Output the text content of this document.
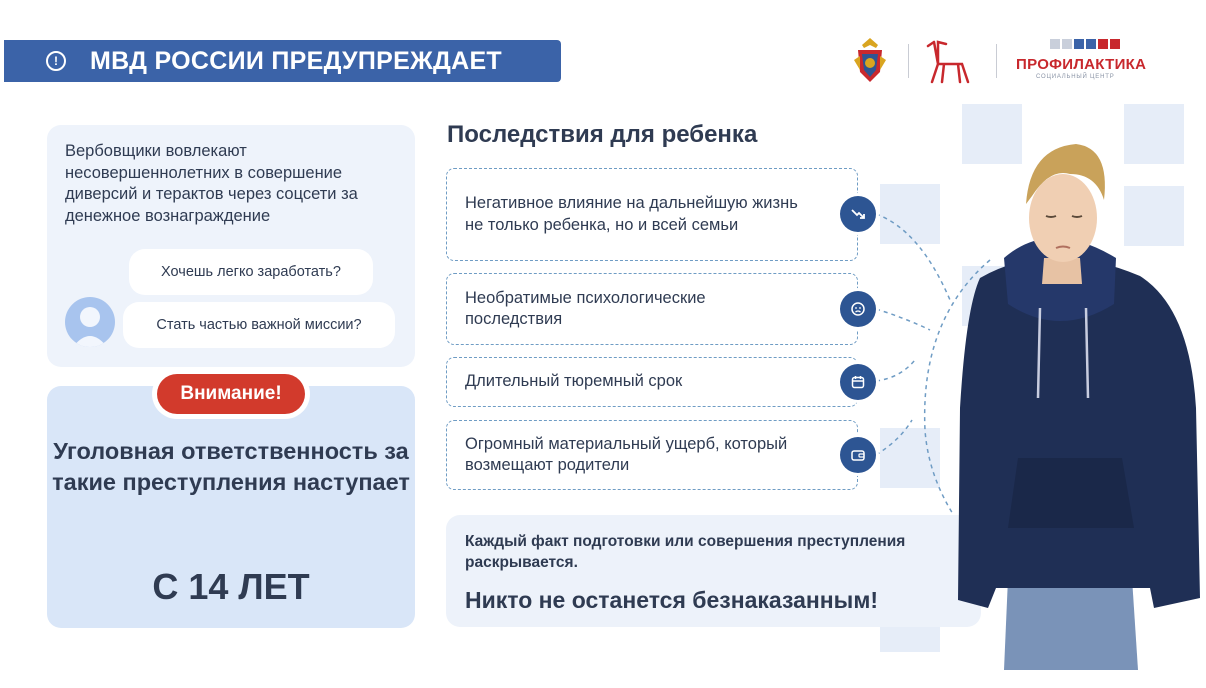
!	МВД РОССИИ ПРЕДУПРЕЖДАЕТ	ПРОФИЛАКТИКА
СОЦИАЛЬНЫЙ ЦЕНТР
Вербовщики вовлекают несовершеннолетних в совершение диверсий и терактов через соцсети за денежное вознаграждение
Хочешь легко заработать?
Стать частью важной миссии?
Внимание!
Уголовная ответственность за такие преступления наступает
С 14 ЛЕТ
Последствия для ребенка
Негативное влияние на дальнейшую жизнь не только ребенка, но и всей семьи
Необратимые психологические последствия
Длительный тюремный срок
Огромный материальный ущерб, который возмещают родители
Каждый факт подготовки или совершения преступления раскрывается.
Никто не останется безнаказанным!
